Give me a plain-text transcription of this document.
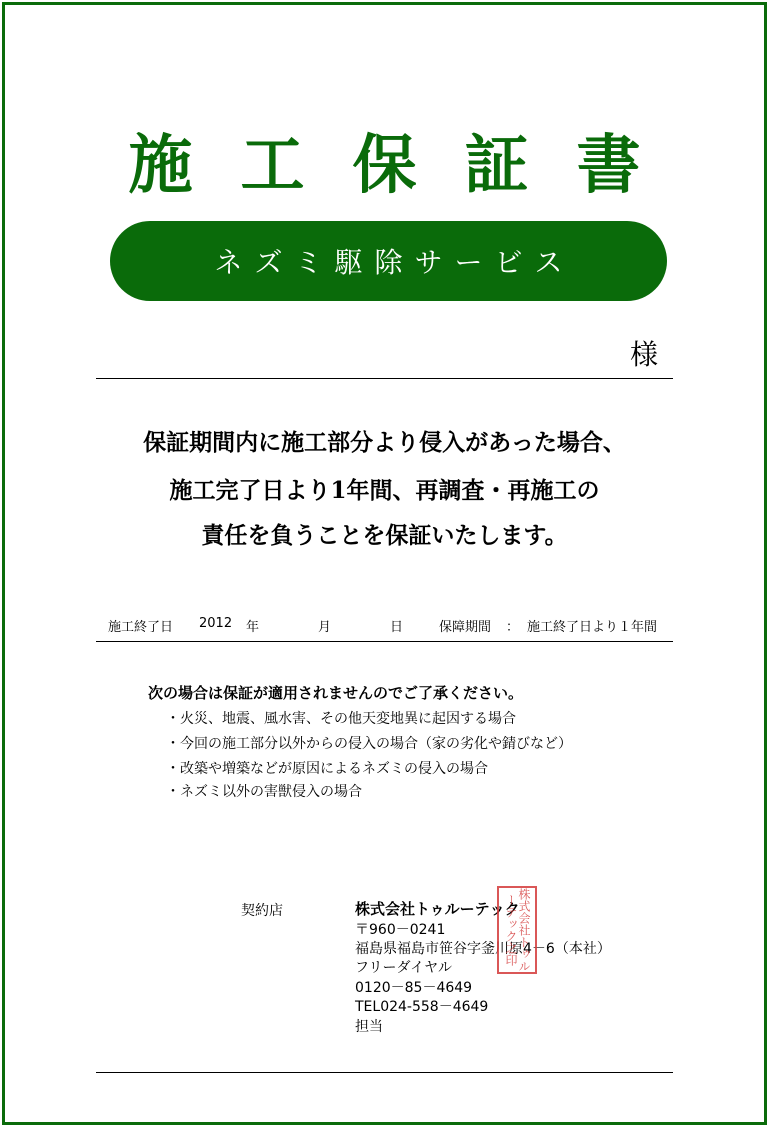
施工保証書
ネズミ駆除サービス
様
保証期間内に施工部分より侵入があった場合、
施工完了日より1年間、再調査・再施工の
責任を負うことを保証いたします。
施工終了日 2012 年	月	日	保障期間 ： 施工終了日より１年間
次の場合は保証が適用されませんのでご了承ください。
・火災、地震、風水害、その他天変地異に起因する場合
・今回の施工部分以外からの侵入の場合（家の劣化や錆びなど）
・改築や増築などが原因によるネズミの侵入の場合
・ネズミ以外の害獣侵入の場合
契約店	株式会社トゥルーテック
〒960－0241
福島県福島市笹谷字釜川原4－6（本社）
フリーダイヤル
0120－85－4649
TEL024-558－4649
担当
株式会社トゥルーテック之印
